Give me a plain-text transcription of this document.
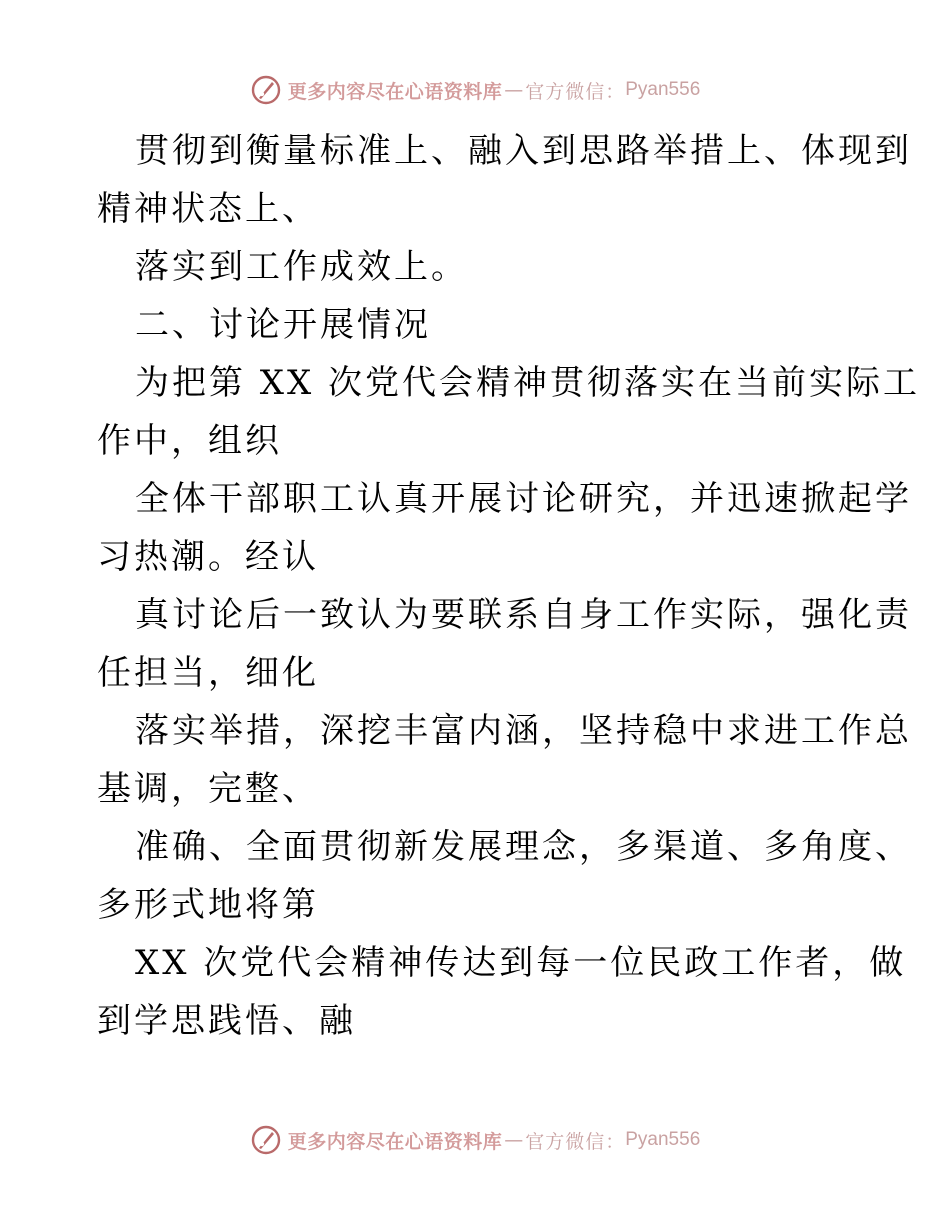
更多内容尽在心语资料库 — 官方微信： Pyan556
贯彻到衡量标准上、融入到思路举措上、体现到
精神状态上、
落实到工作成效上。
二、讨论开展情况
为把第 XX 次党代会精神贯彻落实在当前实际工
作中，组织
全体干部职工认真开展讨论研究，并迅速掀起学
习热潮。经认
真讨论后一致认为要联系自身工作实际，强化责
任担当，细化
落实举措，深挖丰富内涵，坚持稳中求进工作总
基调，完整、
准确、全面贯彻新发展理念，多渠道、多角度、
多形式地将第
XX 次党代会精神传达到每一位民政工作者，做
到学思践悟、融
更多内容尽在心语资料库 — 官方微信： Pyan556
